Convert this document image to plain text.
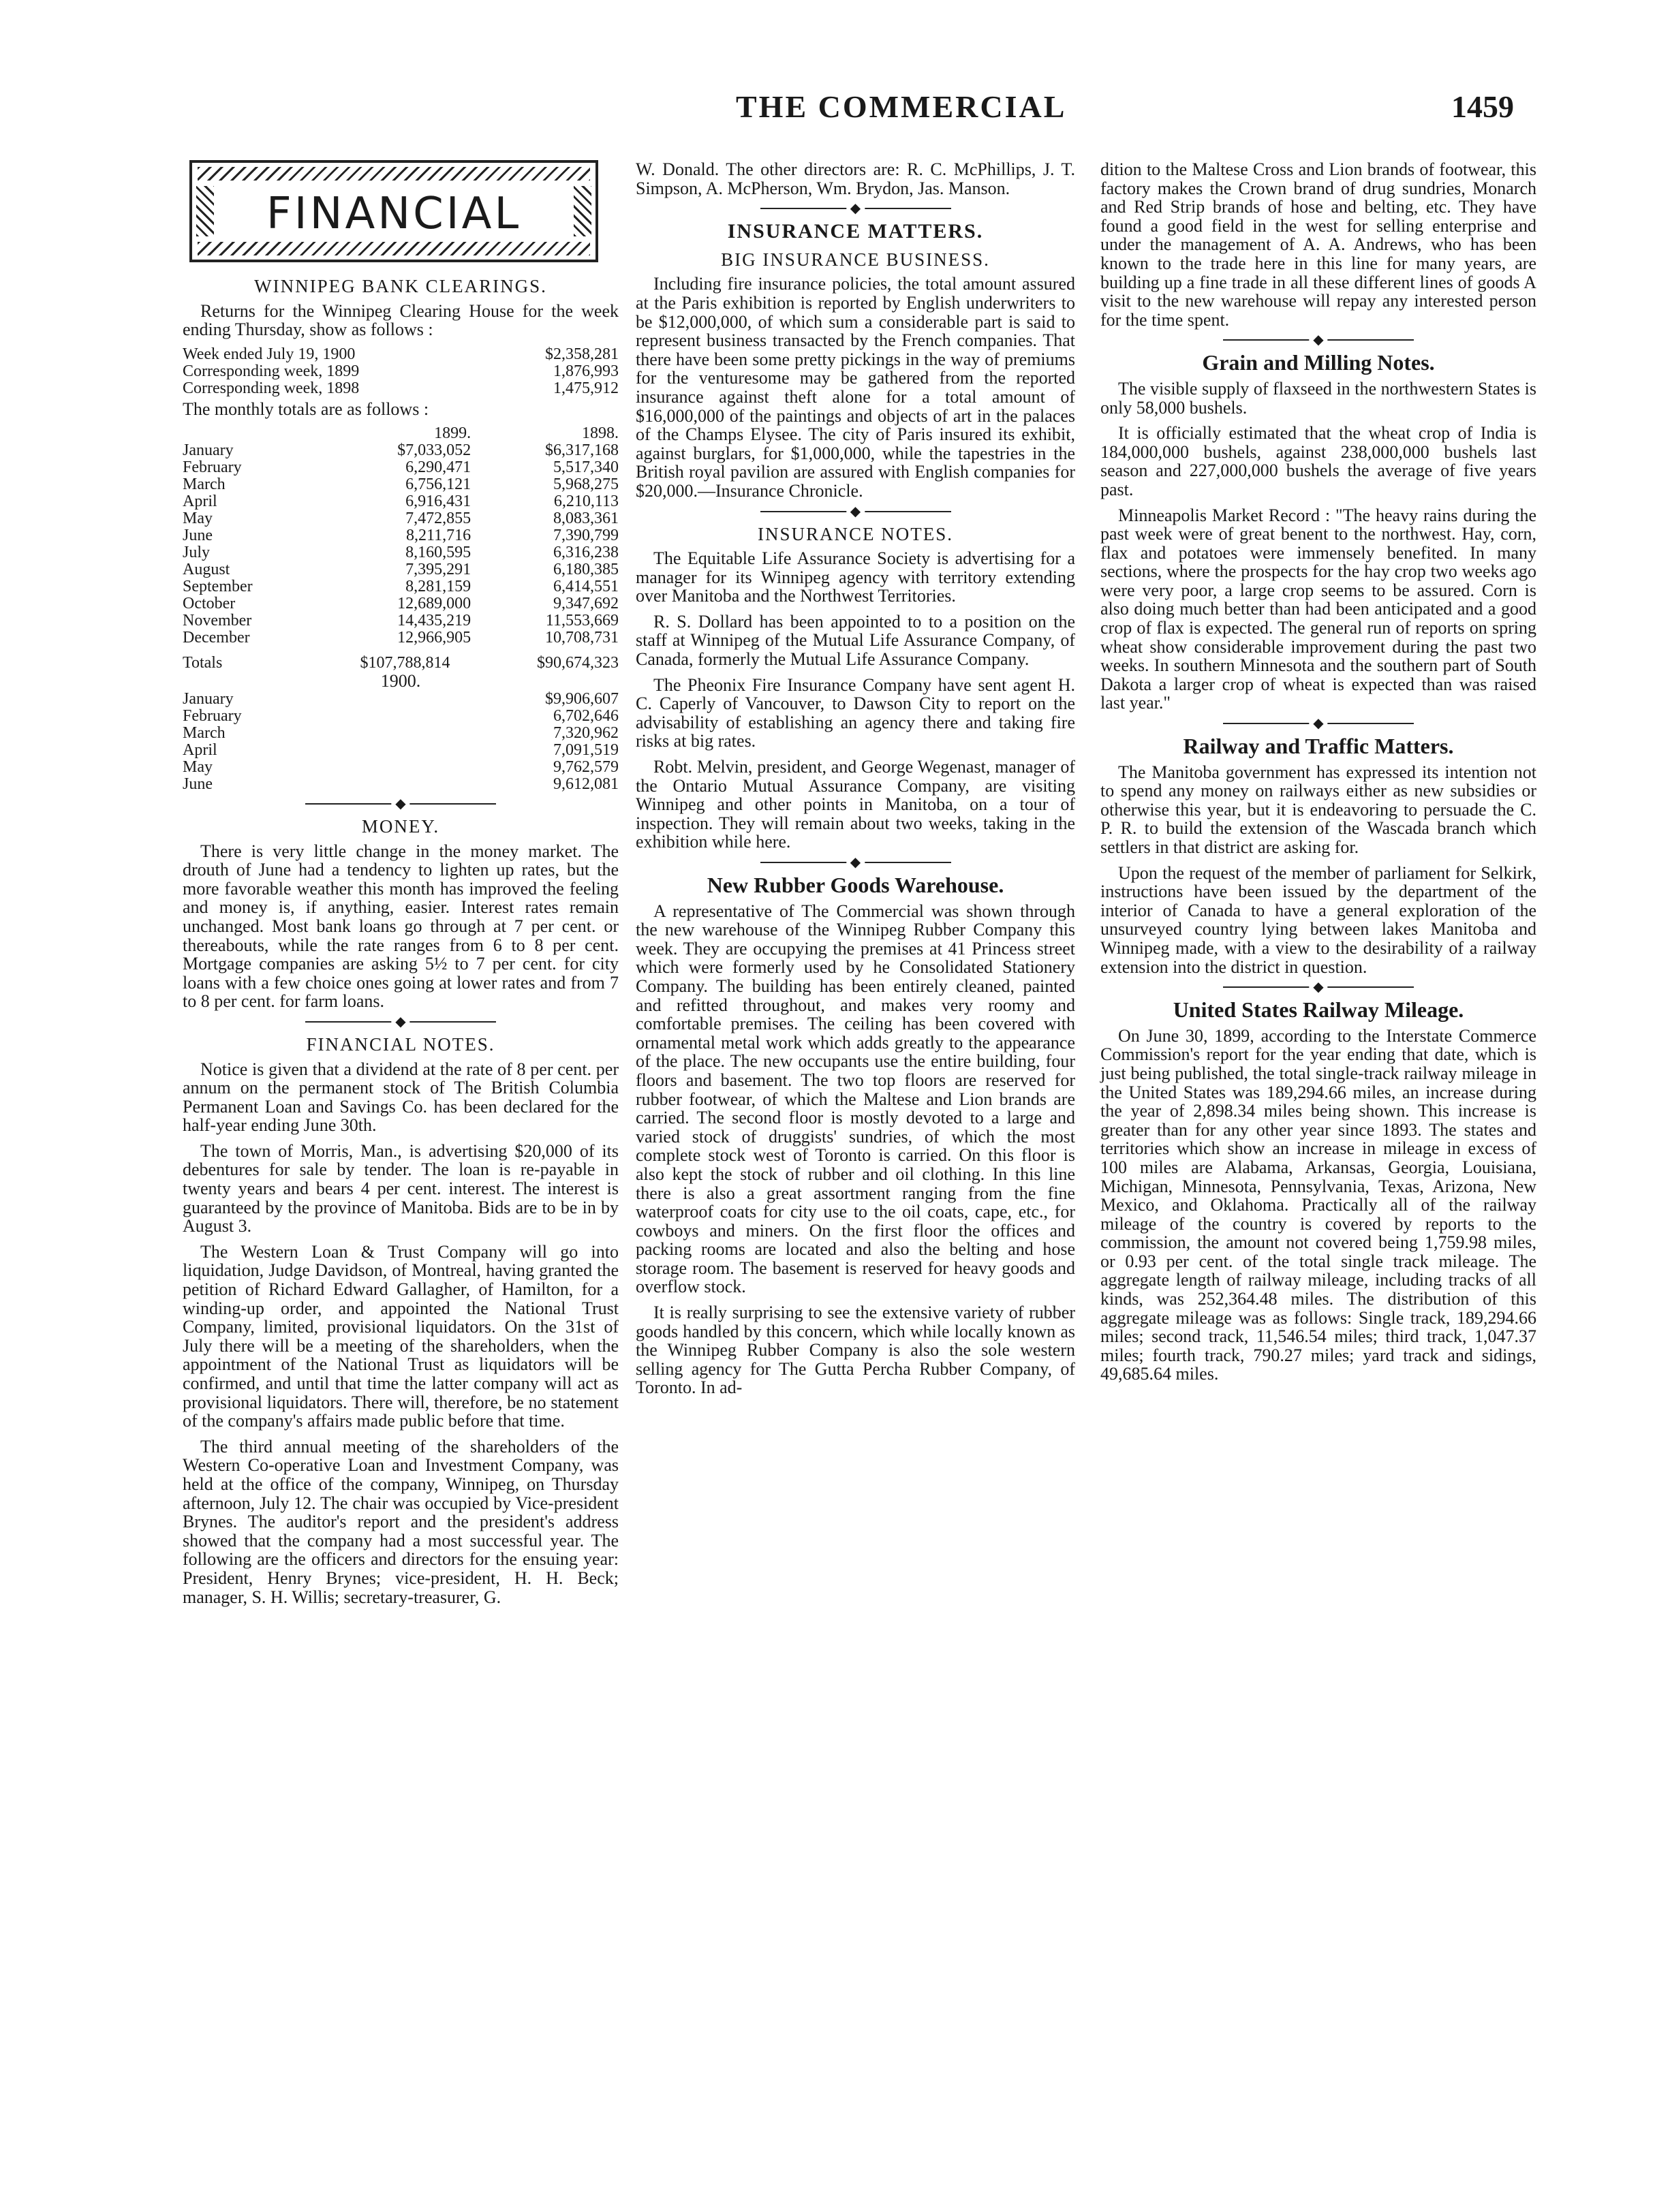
THE COMMERCIAL	1459
FINANCIAL
WINNIPEG BANK CLEARINGS.

Returns for the Winnipeg Clearing House for the week ending Thursday, show as follows :

Week ended July 19, 1900	$2,358,281
Corresponding week, 1899	1,876,993
Corresponding week, 1898	1,475,912

The monthly totals are as follows :

	1899.	1898.
January	$7,033,052	$6,317,168
February	6,290,471	5,517,340
March	6,756,121	5,968,275
April	6,916,431	6,210,113
May	7,472,855	8,083,361
June	8,211,716	7,390,799
July	8,160,595	6,316,238
August	7,395,291	6,180,385
September	8,281,159	6,414,551
October	12,689,000	9,347,692
November	14,435,219	11,553,669
December	12,966,905	10,708,731
Totals	$107,788,814	$90,674,323
1900.
January	$9,906,607
February	6,702,646
March	7,320,962
April	7,091,519
May	9,762,579
June	9,612,081
◆
MONEY.

There is very little change in the money market. The drouth of June had a tendency to lighten up rates, but the more favorable weather this month has improved the feeling and money is, if anything, easier. Interest rates remain unchanged. Most bank loans go through at 7 per cent. or thereabouts, while the rate ranges from 6 to 8 per cent. Mortgage companies are asking 5½ to 7 per cent. for city loans with a few choice ones going at lower rates and from 7 to 8 per cent. for farm loans.

◆
FINANCIAL NOTES.

Notice is given that a dividend at the rate of 8 per cent. per annum on the permanent stock of The British Columbia Permanent Loan and Savings Co. has been declared for the half-year ending June 30th.

The town of Morris, Man., is advertising $20,000 of its debentures for sale by tender. The loan is re-payable in twenty years and bears 4 per cent. interest. The interest is guaranteed by the province of Manitoba. Bids are to be in by August 3.

The Western Loan & Trust Company will go into liquidation, Judge Davidson, of Montreal, having granted the petition of Richard Edward Gallagher, of Hamilton, for a winding-up order, and appointed the National Trust Company, limited, provisional liquidators. On the 31st of July there will be a meeting of the shareholders, when the appointment of the National Trust as liquidators will be confirmed, and until that time the latter company will act as provisional liquidators. There will, therefore, be no statement of the company's affairs made public before that time.

The third annual meeting of the shareholders of the Western Co-operative Loan and Investment Company, was held at the office of the company, Winnipeg, on Thursday afternoon, July 12. The chair was occupied by Vice-president Brynes. The auditor's report and the president's address showed that the company had a most successful year. The following are the officers and directors for the ensuing year: President, Henry Brynes; vice-president, H. H. Beck; manager, S. H. Willis; secretary-treasurer, G.

W. Donald. The other directors are: R. C. McPhillips, J. T. Simpson, A. McPherson, Wm. Brydon, Jas. Manson.

◆
INSURANCE MATTERS.
BIG INSURANCE BUSINESS.

Including fire insurance policies, the total amount assured at the Paris exhibition is reported by English underwriters to be $12,000,000, of which sum a considerable part is said to represent business transacted by the French companies. That there have been some pretty pickings in the way of premiums for the venturesome may be gathered from the reported insurance against theft alone for a total amount of $16,000,000 of the paintings and objects of art in the palaces of the Champs Elysee. The city of Paris insured its exhibit, against burglars, for $1,000,000, while the tapestries in the British royal pavilion are assured with English companies for $20,000.—Insurance Chronicle.

◆
INSURANCE NOTES.

The Equitable Life Assurance Society is advertising for a manager for its Winnipeg agency with territory extending over Manitoba and the Northwest Territories.

R. S. Dollard has been appointed to to a position on the staff at Winnipeg of the Mutual Life Assurance Company, of Canada, formerly the Mutual Life Assurance Company.

The Pheonix Fire Insurance Company have sent agent H. C. Caperly of Vancouver, to Dawson City to report on the advisability of establishing an agency there and taking fire risks at big rates.

Robt. Melvin, president, and George Wegenast, manager of the Ontario Mutual Assurance Company, are visiting Winnipeg and other points in Manitoba, on a tour of inspection. They will remain about two weeks, taking in the exhibition while here.

◆
New Rubber Goods Warehouse.

A representative of The Commercial was shown through the new warehouse of the Winnipeg Rubber Company this week. They are occupying the premises at 41 Princess street which were formerly used by he Consolidated Stationery Company. The building has been entirely cleaned, painted and refitted throughout, and makes very roomy and comfortable premises. The ceiling has been covered with ornamental metal work which adds greatly to the appearance of the place. The new occupants use the entire building, four floors and basement. The two top floors are reserved for rubber footwear, of which the Maltese and Lion brands are carried. The second floor is mostly devoted to a large and varied stock of druggists' sundries, of which the most complete stock west of Toronto is carried. On this floor is also kept the stock of rubber and oil clothing. In this line there is also a great assortment ranging from the fine waterproof coats for city use to the oil coats, cape, etc., for cowboys and miners. On the first floor the offices and packing rooms are located and also the belting and hose storage room. The basement is reserved for heavy goods and overflow stock.

It is really surprising to see the extensive variety of rubber goods handled by this concern, which while locally known as the Winnipeg Rubber Company is also the sole western selling agency for The Gutta Percha Rubber Company, of Toronto. In ad-

dition to the Maltese Cross and Lion brands of footwear, this factory makes the Crown brand of drug sundries, Monarch and Red Strip brands of hose and belting, etc. They have found a good field in the west for selling enterprise and under the management of A. A. Andrews, who has been known to the trade here in this line for many years, are building up a fine trade in all these different lines of goods A visit to the new warehouse will repay any interested person for the time spent.

◆
Grain and Milling Notes.

The visible supply of flaxseed in the northwestern States is only 58,000 bushels.

It is officially estimated that the wheat crop of India is 184,000,000 bushels, against 238,000,000 bushels last season and 227,000,000 bushels the average of five years past.

Minneapolis Market Record : "The heavy rains during the past week were of great benent to the northwest. Hay, corn, flax and potatoes were immensely benefited. In many sections, where the prospects for the hay crop two weeks ago were very poor, a large crop seems to be assured. Corn is also doing much better than had been anticipated and a good crop of flax is expected. The general run of reports on spring wheat show considerable improvement during the past two weeks. In southern Minnesota and the southern part of South Dakota a larger crop of wheat is expected than was raised last year."

◆
Railway and Traffic Matters.

The Manitoba government has expressed its intention not to spend any money on railways either as new subsidies or otherwise this year, but it is endeavoring to persuade the C. P. R. to build the extension of the Wascada branch which settlers in that district are asking for.

Upon the request of the member of parliament for Selkirk, instructions have been issued by the department of the interior of Canada to have a general exploration of the unsurveyed country lying between lakes Manitoba and Winnipeg made, with a view to the desirability of a railway extension into the district in question.

◆
United States Railway Mileage.

On June 30, 1899, according to the Interstate Commerce Commission's report for the year ending that date, which is just being published, the total single-track railway mileage in the United States was 189,294.66 miles, an increase during the year of 2,898.34 miles being shown. This increase is greater than for any other year since 1893. The states and territories which show an increase in mileage in excess of 100 miles are Alabama, Arkansas, Georgia, Louisiana, Michigan, Minnesota, Pennsylvania, Texas, Arizona, New Mexico, and Oklahoma. Practically all of the railway mileage of the country is covered by reports to the commission, the amount not covered being 1,759.98 miles, or 0.93 per cent. of the total single track mileage. The aggregate length of railway mileage, including tracks of all kinds, was 252,364.48 miles. The distribution of this aggregate mileage was as follows: Single track, 189,294.66 miles; second track, 11,546.54 miles; third track, 1,047.37 miles; fourth track, 790.27 miles; yard track and sidings, 49,685.64 miles.
